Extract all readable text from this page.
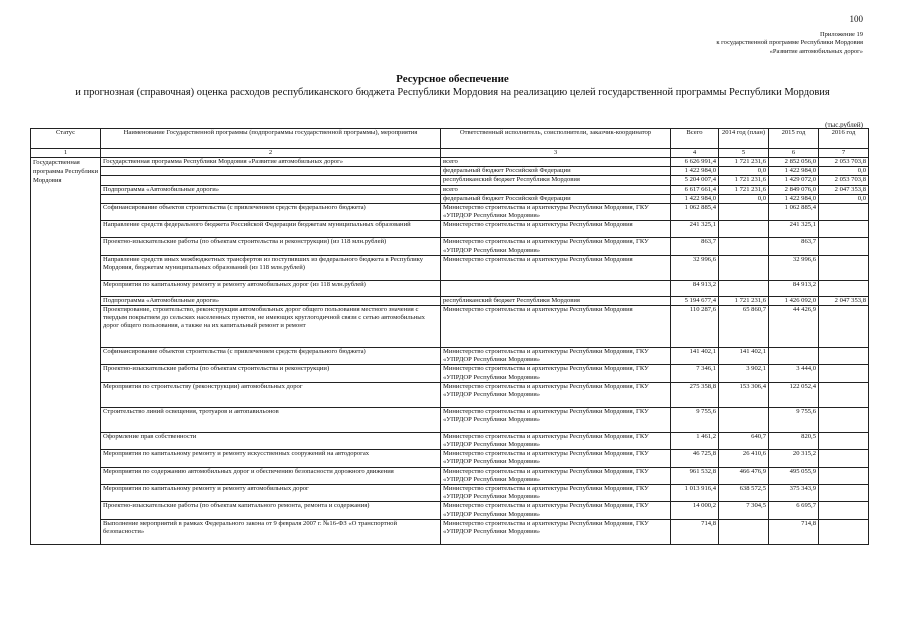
100
Приложение 19
к государственной программе Республики Мордовия
«Развитие автомобильных дорог»
Ресурсное обеспечение
и прогнозная (справочная) оценка расходов республиканского бюджета Республики Мордовия на реализацию целей государственной программы Республики Мордовия
(тыс.рублей)
Статус	Наименование Государственной программы (подпрограммы государственной программы), мероприятия	Ответственный исполнитель, соисполнители, заказчик-координатор	Всего	2014 год (план)	2015 год	2016 год
1	2	3	4	5	6	7
Государственная программа Республики Мордовия	Государственная программа Республики Мордовия «Развитие автомобильных дорог»	всего	6 626 991,4	1 721 231,6	2 852 056,0	2 053 703,8
		федеральный бюджет Российской Федерации	1 422 984,0	0,0	1 422 984,0	0,0
		республиканский бюджет Республики Мордовия	5 204 007,4	1 721 231,6	1 429 072,0	2 053 703,8
	Подпрограмма «Автомобильные дороги»	всего	6 617 661,4	1 721 231,6	2 849 076,0	2 047 353,8
		федеральный бюджет Российской Федерации	1 422 984,0	0,0	1 422 984,0	0,0
	Софинансирование объектов строительства (с привлечением средств федерального бюджета)	Министерство строительства и архитектуры Республики Мордовия, ГКУ «УПРДОР Республики Мордовия»	1 062 885,4		1 062 885,4	
	Направление средств федерального бюджета Российской Федерации бюджетам муниципальных образований	Министерство строительства и архитектуры Республики Мордовия	241 325,1		241 325,1	
	Проектно-изыскательские работы (по объектам строительства и реконструкции) (из 118 млн.рублей)	Министерство строительства и архитектуры Республики Мордовия, ГКУ «УПРДОР Республики Мордовия»	863,7		863,7	
	Направление средств иных межбюджетных трансфертов из поступивших из федерального бюджета в Республику Мордовия, бюджетам муниципальных образований (из 118 млн.рублей)	Министерство строительства и архитектуры Республики Мордовия	32 996,6		32 996,6	
	Мероприятия по капитальному ремонту и ремонту автомобильных дорог (из 118 млн.рублей)		84 913,2		84 913,2	
	Подпрограмма «Автомобильные дороги»	республиканский бюджет Республики Мордовия	5 194 677,4	1 721 231,6	1 426 092,0	2 047 353,8
	Проектирование, строительство, реконструкция автомобильных дорог общего пользования местного значения с твердым покрытием до сельских населенных пунктов, не имеющих круглогодичной связи с сетью автомобильных дорог общего пользования, а также на их капитальный ремонт и ремонт	Министерство строительства и архитектуры Республики Мордовия	110 287,6	65 860,7	44 426,9	
	Софинансирование объектов строительства (с привлечением средств федерального бюджета)	Министерство строительства и архитектуры Республики Мордовия, ГКУ «УПРДОР Республики Мордовия»	141 402,1	141 402,1		
	Проектно-изыскательские работы (по объектам строительства и реконструкции)	Министерство строительства и архитектуры Республики Мордовия, ГКУ «УПРДОР Республики Мордовия»	7 346,1	3 902,1	3 444,0	
	Мероприятия по строительству (реконструкции) автомобильных дорог	Министерство строительства и архитектуры Республики Мордовия, ГКУ «УПРДОР Республики Мордовия»	275 358,8	153 306,4	122 052,4	
	Строительство линий освещения, тротуаров и автопавильонов	Министерство строительства и архитектуры Республики Мордовия, ГКУ «УПРДОР Республики Мордовия»	9 755,6		9 755,6	
	Оформление прав собственности	Министерство строительства и архитектуры Республики Мордовия, ГКУ «УПРДОР Республики Мордовия»	1 461,2	640,7	820,5	
	Мероприятия по капитальному ремонту и ремонту искусственных сооружений на автодорогах	Министерство строительства и архитектуры Республики Мордовия, ГКУ «УПРДОР Республики Мордовия»	46 725,8	26 410,6	20 315,2	
	Мероприятия по содержанию автомобильных дорог и обеспечению безопасности дорожного движения	Министерство строительства и архитектуры Республики Мордовия, ГКУ «УПРДОР Республики Мордовия»	961 532,8	466 476,9	495 055,9	
	Мероприятия по капитальному ремонту и ремонту автомобильных дорог	Министерство строительства и архитектуры Республики Мордовия, ГКУ «УПРДОР Республики Мордовия»	1 013 916,4	638 572,5	375 343,9	
	Проектно-изыскательские работы (по объектам капитального ремонта, ремонта и содержания)	Министерство строительства и архитектуры Республики Мордовия, ГКУ «УПРДОР Республики Мордовия»	14 000,2	7 304,5	6 695,7	
	Выполнение мероприятий в рамках Федерального закона от 9 февраля 2007 г. №16-ФЗ «О транспортной безопасности»	Министерство строительства и архитектуры Республики Мордовия, ГКУ «УПРДОР Республики Мордовия»	714,8		714,8	
